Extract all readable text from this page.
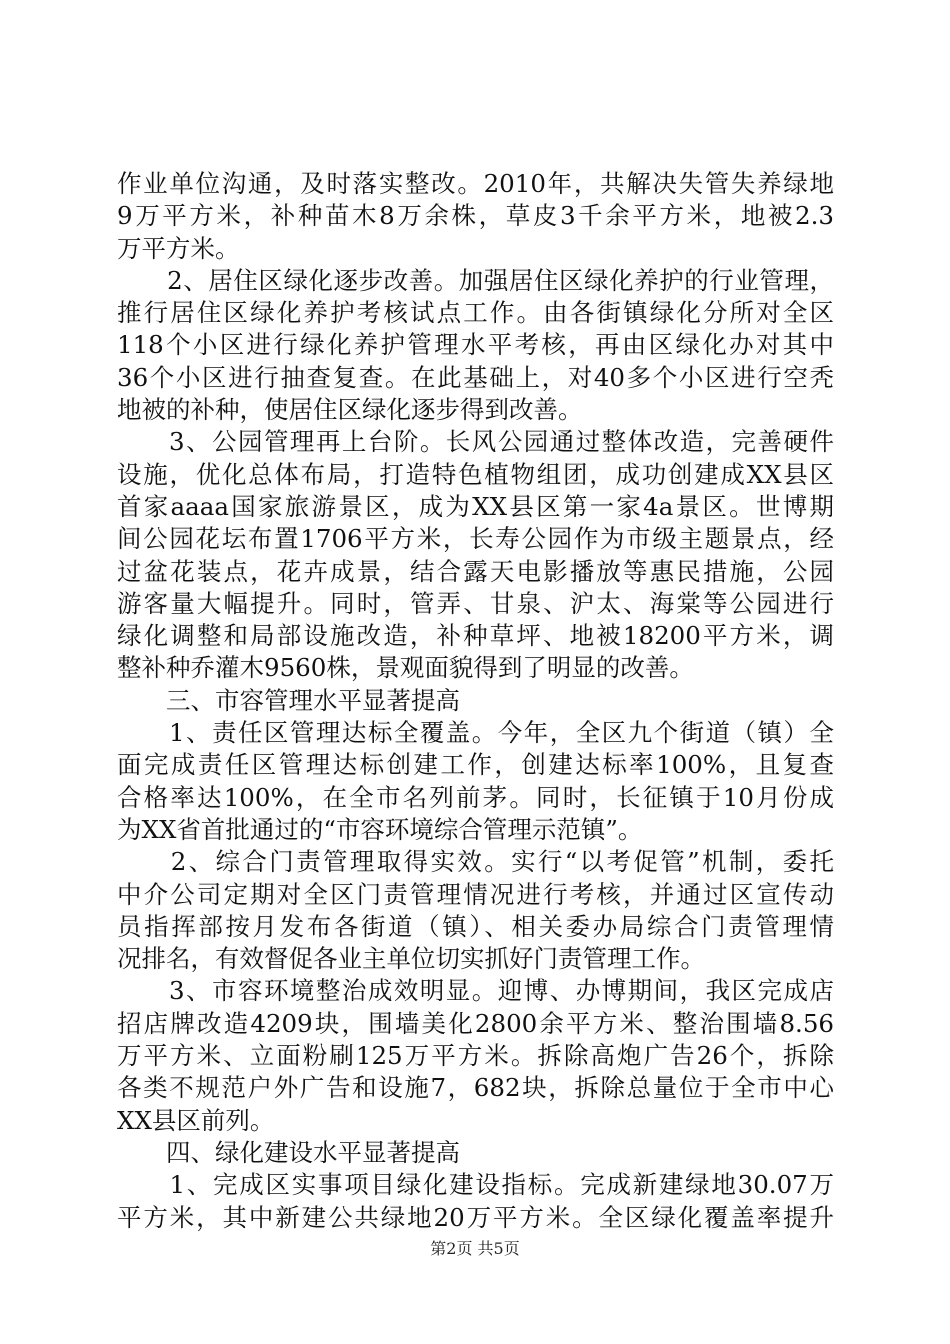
作业单位沟通，及时落实整改。2010年，共解决失管失养绿地
9万平方米，补种苗木8万余株，草皮3千余平方米，地被2.3
万平方米。
　　2、居住区绿化逐步改善。加强居住区绿化养护的行业管理，
推行居住区绿化养护考核试点工作。由各街镇绿化分所对全区
118个小区进行绿化养护管理水平考核，再由区绿化办对其中
36个小区进行抽查复查。在此基础上，对40多个小区进行空秃
地被的补种，使居住区绿化逐步得到改善。
　　3、公园管理再上台阶。长风公园通过整体改造，完善硬件
设施，优化总体布局，打造特色植物组团，成功创建成XX县区
首家aaaa国家旅游景区，成为XX县区第一家4a景区。世博期
间公园花坛布置1706平方米，长寿公园作为市级主题景点，经
过盆花装点，花卉成景，结合露天电影播放等惠民措施，公园
游客量大幅提升。同时，管弄、甘泉、沪太、海棠等公园进行
绿化调整和局部设施改造，补种草坪、地被18200平方米，调
整补种乔灌木9560株，景观面貌得到了明显的改善。
　　三、市容管理水平显著提高
　　1、责任区管理达标全覆盖。今年，全区九个街道（镇）全
面完成责任区管理达标创建工作，创建达标率100%，且复查
合格率达100%，在全市名列前茅。同时，长征镇于10月份成
为XX省首批通过的“市容环境综合管理示范镇”。
　　2、综合门责管理取得实效。实行“以考促管”机制，委托
中介公司定期对全区门责管理情况进行考核，并通过区宣传动
员指挥部按月发布各街道（镇）、相关委办局综合门责管理情
况排名，有效督促各业主单位切实抓好门责管理工作。
　　3、市容环境整治成效明显。迎博、办博期间，我区完成店
招店牌改造4209块，围墙美化2800余平方米、整治围墙8.56
万平方米、立面粉刷125万平方米。拆除高炮广告26个，拆除
各类不规范户外广告和设施7，682块，拆除总量位于全市中心
XX县区前列。
　　四、绿化建设水平显著提高
　　1、完成区实事项目绿化建设指标。完成新建绿地30.07万
平方米，其中新建公共绿地20万平方米。全区绿化覆盖率提升
第2页 共5页
